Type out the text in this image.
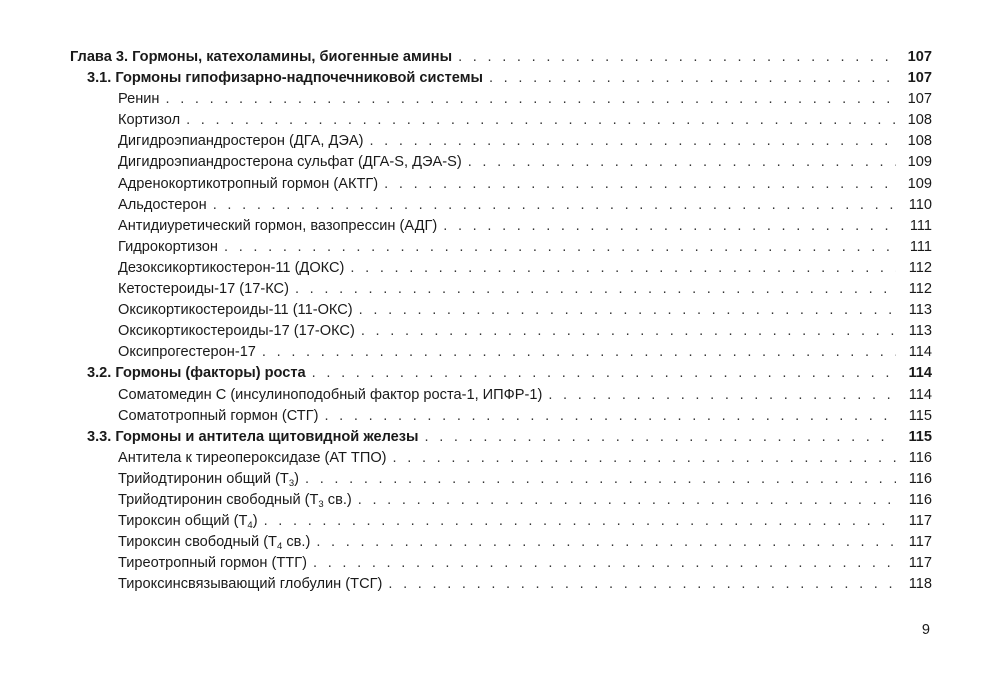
Глава 3. Гормоны, катехоламины, биогенные амины . . .	107
3.1. Гормоны гипофизарно-надпочечниковой системы . . .	107
Ренин . . .	107
Кортизол . . .	108
Дигидроэпиандростерон (ДГА, ДЭА) . . .	108
Дигидроэпиандростерона сульфат (ДГА-S, ДЭА-S) . . .	109
Адренокортикотропный гормон (АКТГ) . . .	109
Альдостерон . . .	110
Антидиуретический гормон, вазопрессин (АДГ) . . .	111
Гидрокортизон . . .	111
Дезоксикортикостерон-11 (ДОКС) . . .	112
Кетостероиды-17 (17-КС) . . .	112
Оксикортикостероиды-11 (11-ОКС) . . .	113
Оксикортикостероиды-17 (17-ОКС) . . .	113
Оксипрогестерон-17 . . .	114
3.2. Гормоны (факторы) роста . . .	114
Соматомедин С (инсулиноподобный фактор роста-1, ИПФР-1) . . .	114
Соматотропный гормон (СТГ) . . .	115
3.3. Гормоны и антитела щитовидной железы . . .	115
Антитела к тиреопероксидазе (АТ ТПО) . . .	116
Трийодтиронин общий $(T_3)$ . . .	116
Трийодтиронин свободный ($T_3$ св.) . . .	116
Тироксин общий $(T_4)$ . . .	117
Тироксин свободный ($T_4$ св.) . . .	117
Тиреотропный гормон (ТТГ) . . .	117
Тироксинсвязывающий глобулин (ТСГ) . . .	118
9
